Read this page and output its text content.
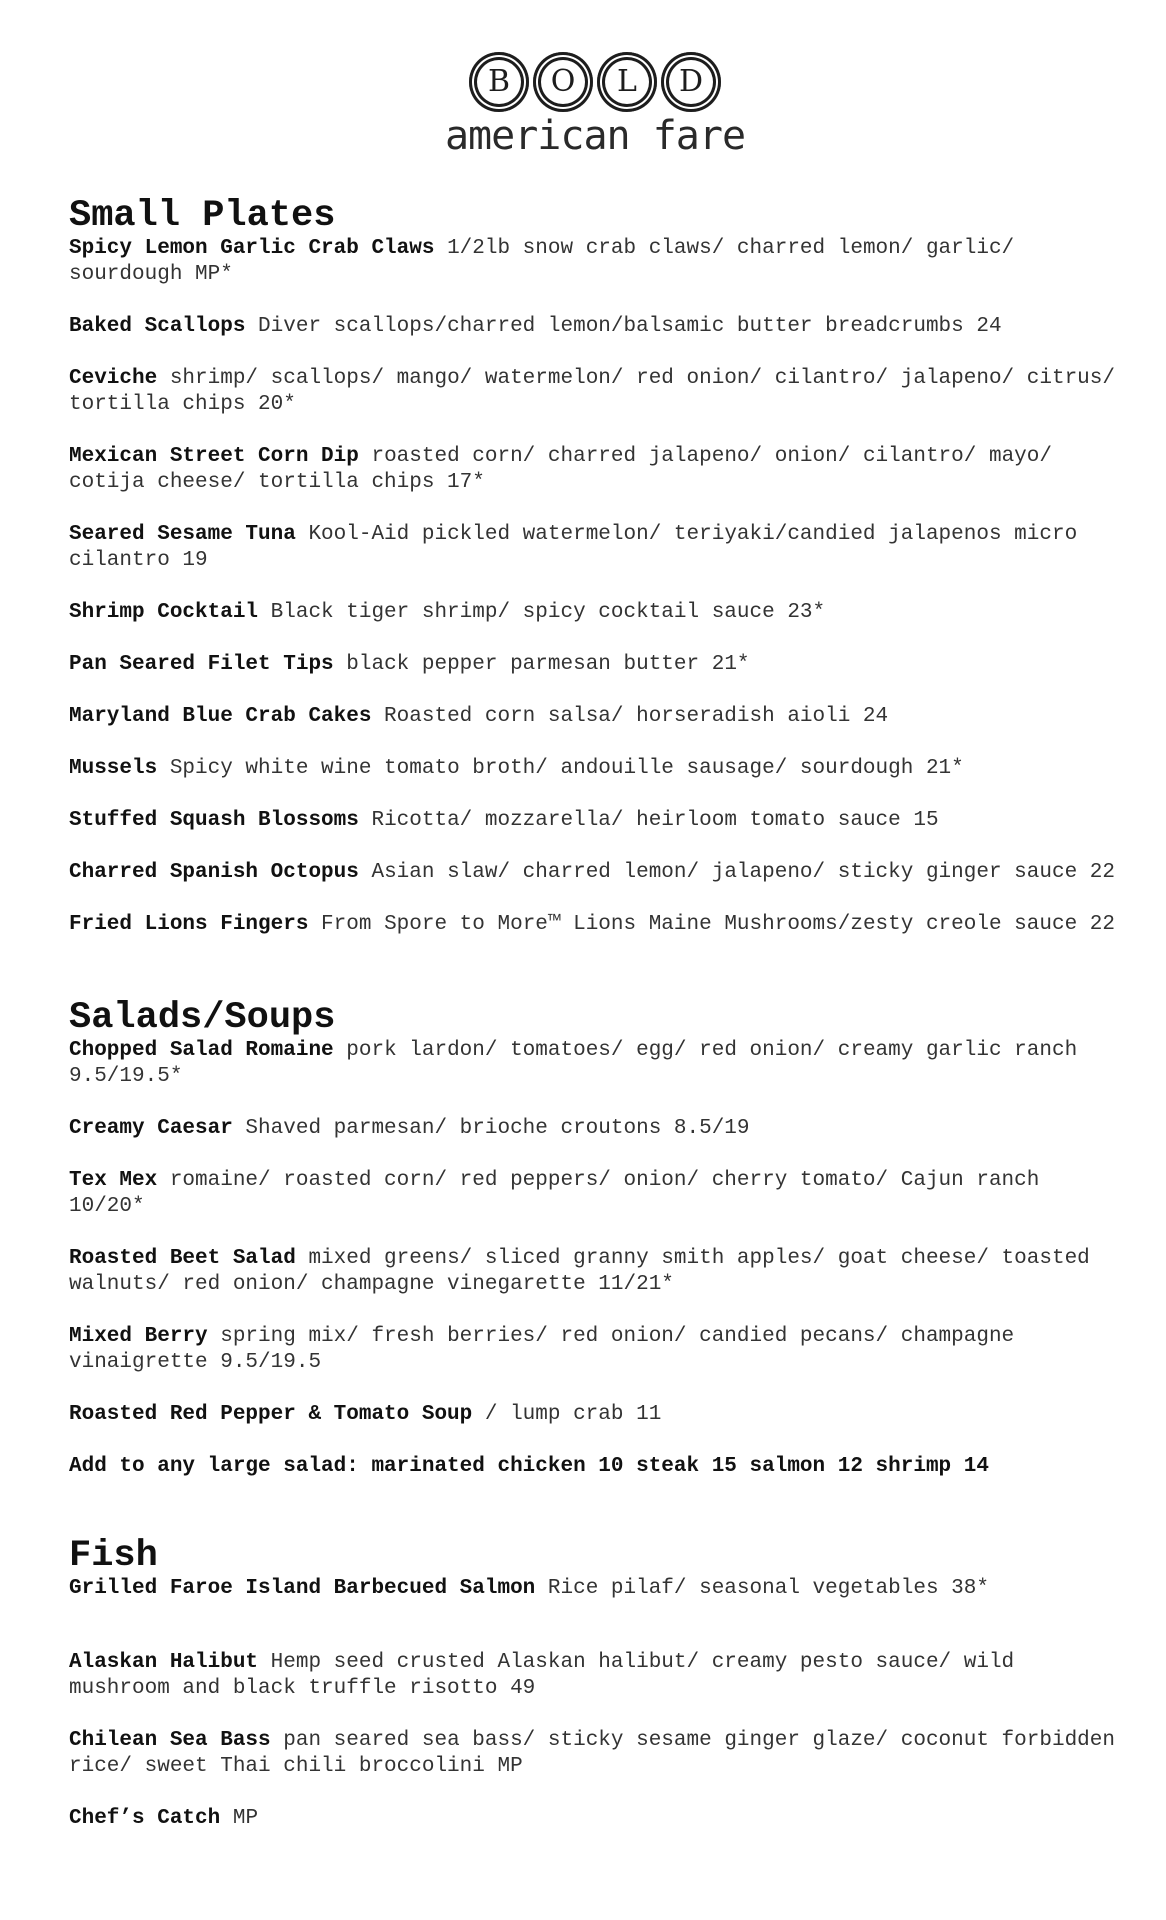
B	O	L	D
american fare
Small Plates
Spicy Lemon Garlic Crab Claws 1/2lb snow crab claws/ charred lemon/ garlic/ sourdough MP*
Baked Scallops Diver scallops/charred lemon/balsamic butter breadcrumbs 24
Ceviche shrimp/ scallops/ mango/ watermelon/ red onion/ cilantro/ jalapeno/ citrus/ tortilla chips 20*
Mexican Street Corn Dip roasted corn/ charred jalapeno/ onion/ cilantro/ mayo/ cotija cheese/ tortilla chips 17*
Seared Sesame Tuna Kool-Aid pickled watermelon/ teriyaki/candied jalapenos micro cilantro 19
Shrimp Cocktail Black tiger shrimp/ spicy cocktail sauce 23*
Pan Seared Filet Tips black pepper parmesan butter 21*
Maryland Blue Crab Cakes Roasted corn salsa/ horseradish aioli 24
Mussels Spicy white wine tomato broth/ andouille sausage/ sourdough 21*
Stuffed Squash Blossoms Ricotta/ mozzarella/ heirloom tomato sauce 15
Charred Spanish Octopus Asian slaw/ charred lemon/ jalapeno/ sticky ginger sauce 22
Fried Lions Fingers From Spore to More™ Lions Maine Mushrooms/zesty creole sauce 22
Salads/Soups
Chopped Salad Romaine pork lardon/ tomatoes/ egg/ red onion/ creamy garlic ranch 9.5/19.5*
Creamy Caesar Shaved parmesan/ brioche croutons 8.5/19
Tex Mex romaine/ roasted corn/ red peppers/ onion/ cherry tomato/ Cajun ranch 10/20*
Roasted Beet Salad mixed greens/ sliced granny smith apples/ goat cheese/ toasted walnuts/ red onion/ champagne vinegarette 11/21*
Mixed Berry spring mix/ fresh berries/ red onion/ candied pecans/ champagne vinaigrette 9.5/19.5
Roasted Red Pepper & Tomato Soup / lump crab 11
Add to any large salad: marinated chicken 10 steak 15 salmon 12 shrimp 14
Fish
Grilled Faroe Island Barbecued Salmon Rice pilaf/ seasonal vegetables 38*
Alaskan Halibut Hemp seed crusted Alaskan halibut/ creamy pesto sauce/ wild mushroom and black truffle risotto 49
Chilean Sea Bass pan seared sea bass/ sticky sesame ginger glaze/ coconut forbidden rice/ sweet Thai chili broccolini MP
Chef’s Catch MP
